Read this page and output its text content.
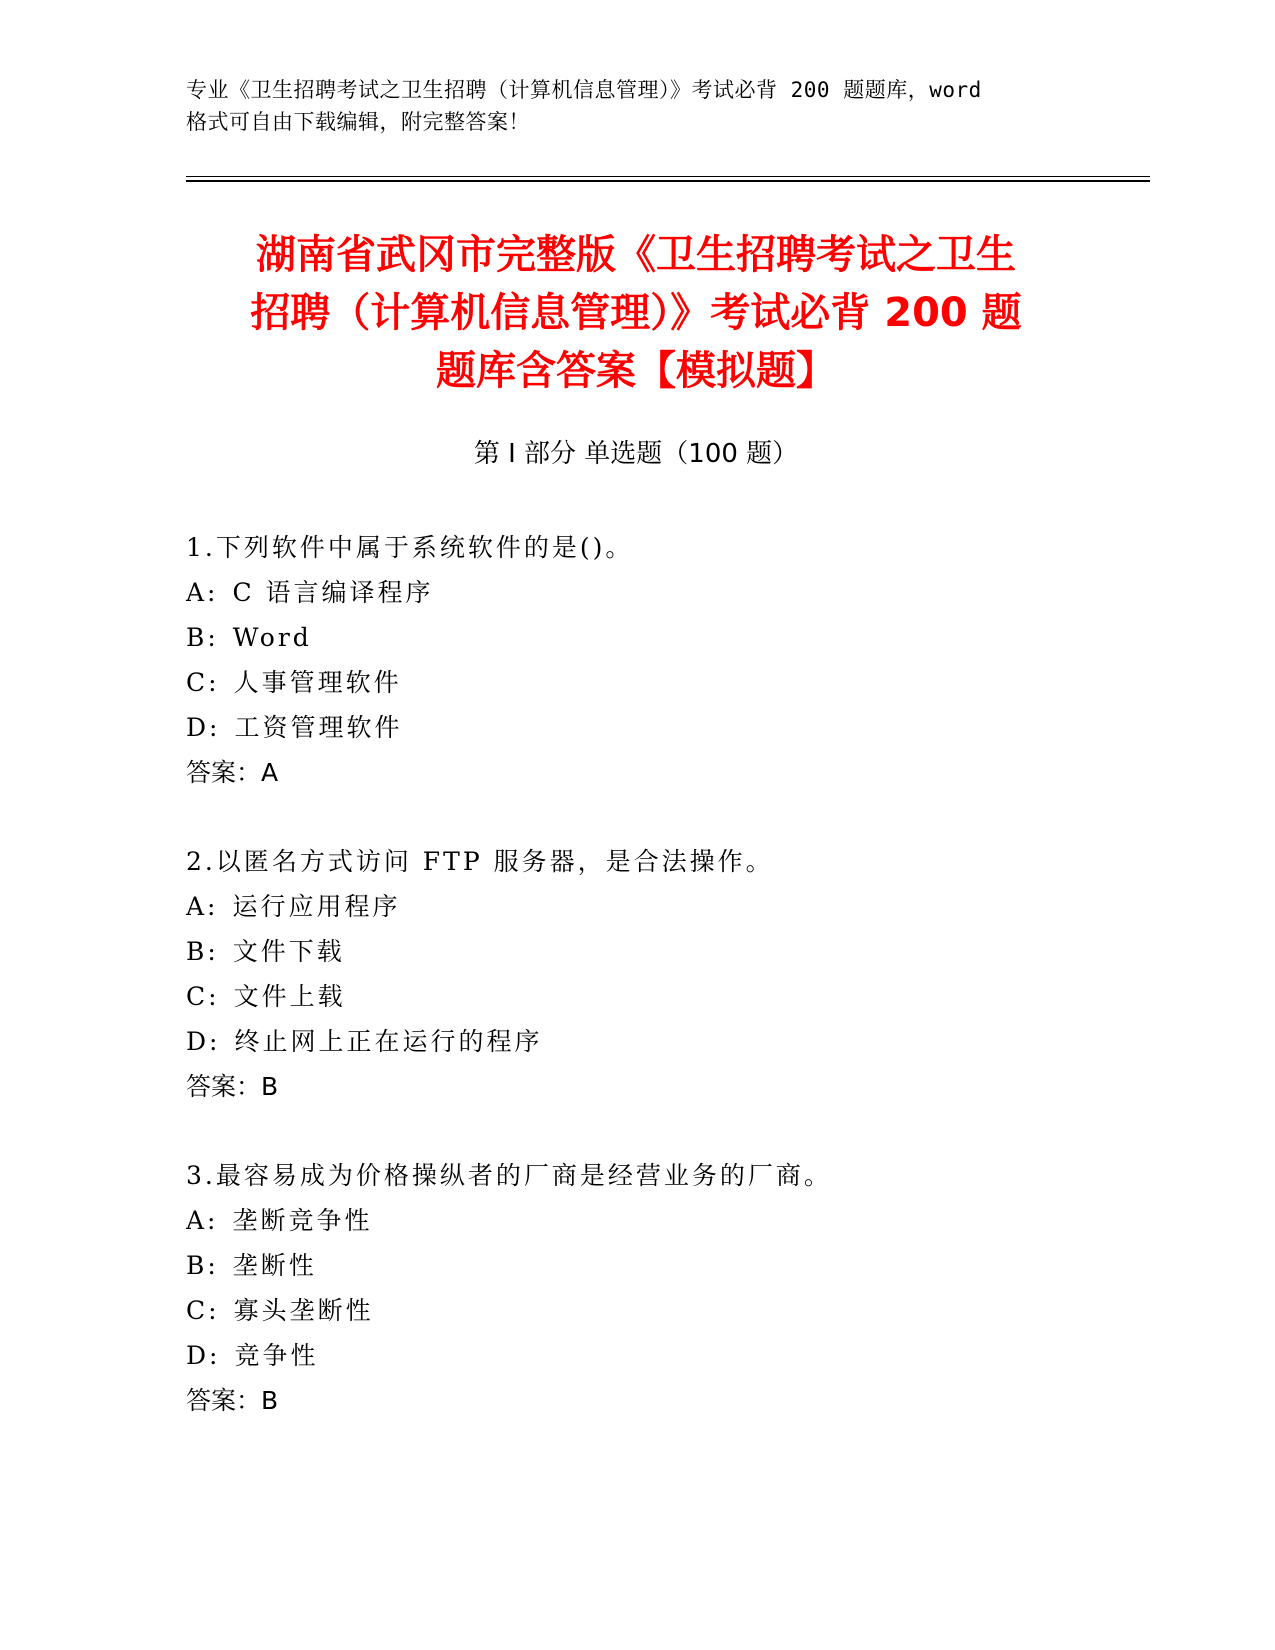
专业《卫生招聘考试之卫生招聘（计算机信息管理）》考试必背 200 题题库，word
格式可自由下载编辑，附完整答案！
湖南省武冈市完整版《卫生招聘考试之卫生
招聘（计算机信息管理）》考试必背 200 题
题库含答案【模拟题】
第 I 部分 单选题（100 题）
1.下列软件中属于系统软件的是()。
A: C 语言编译程序
B: Word
C: 人事管理软件
D: 工资管理软件
答案：A
2.以匿名方式访问 FTP 服务器，是合法操作。
A: 运行应用程序
B: 文件下载
C: 文件上载
D: 终止网上正在运行的程序
答案：B
3.最容易成为价格操纵者的厂商是经营业务的厂商。
A: 垄断竞争性
B: 垄断性
C: 寡头垄断性
D: 竞争性
答案：B
